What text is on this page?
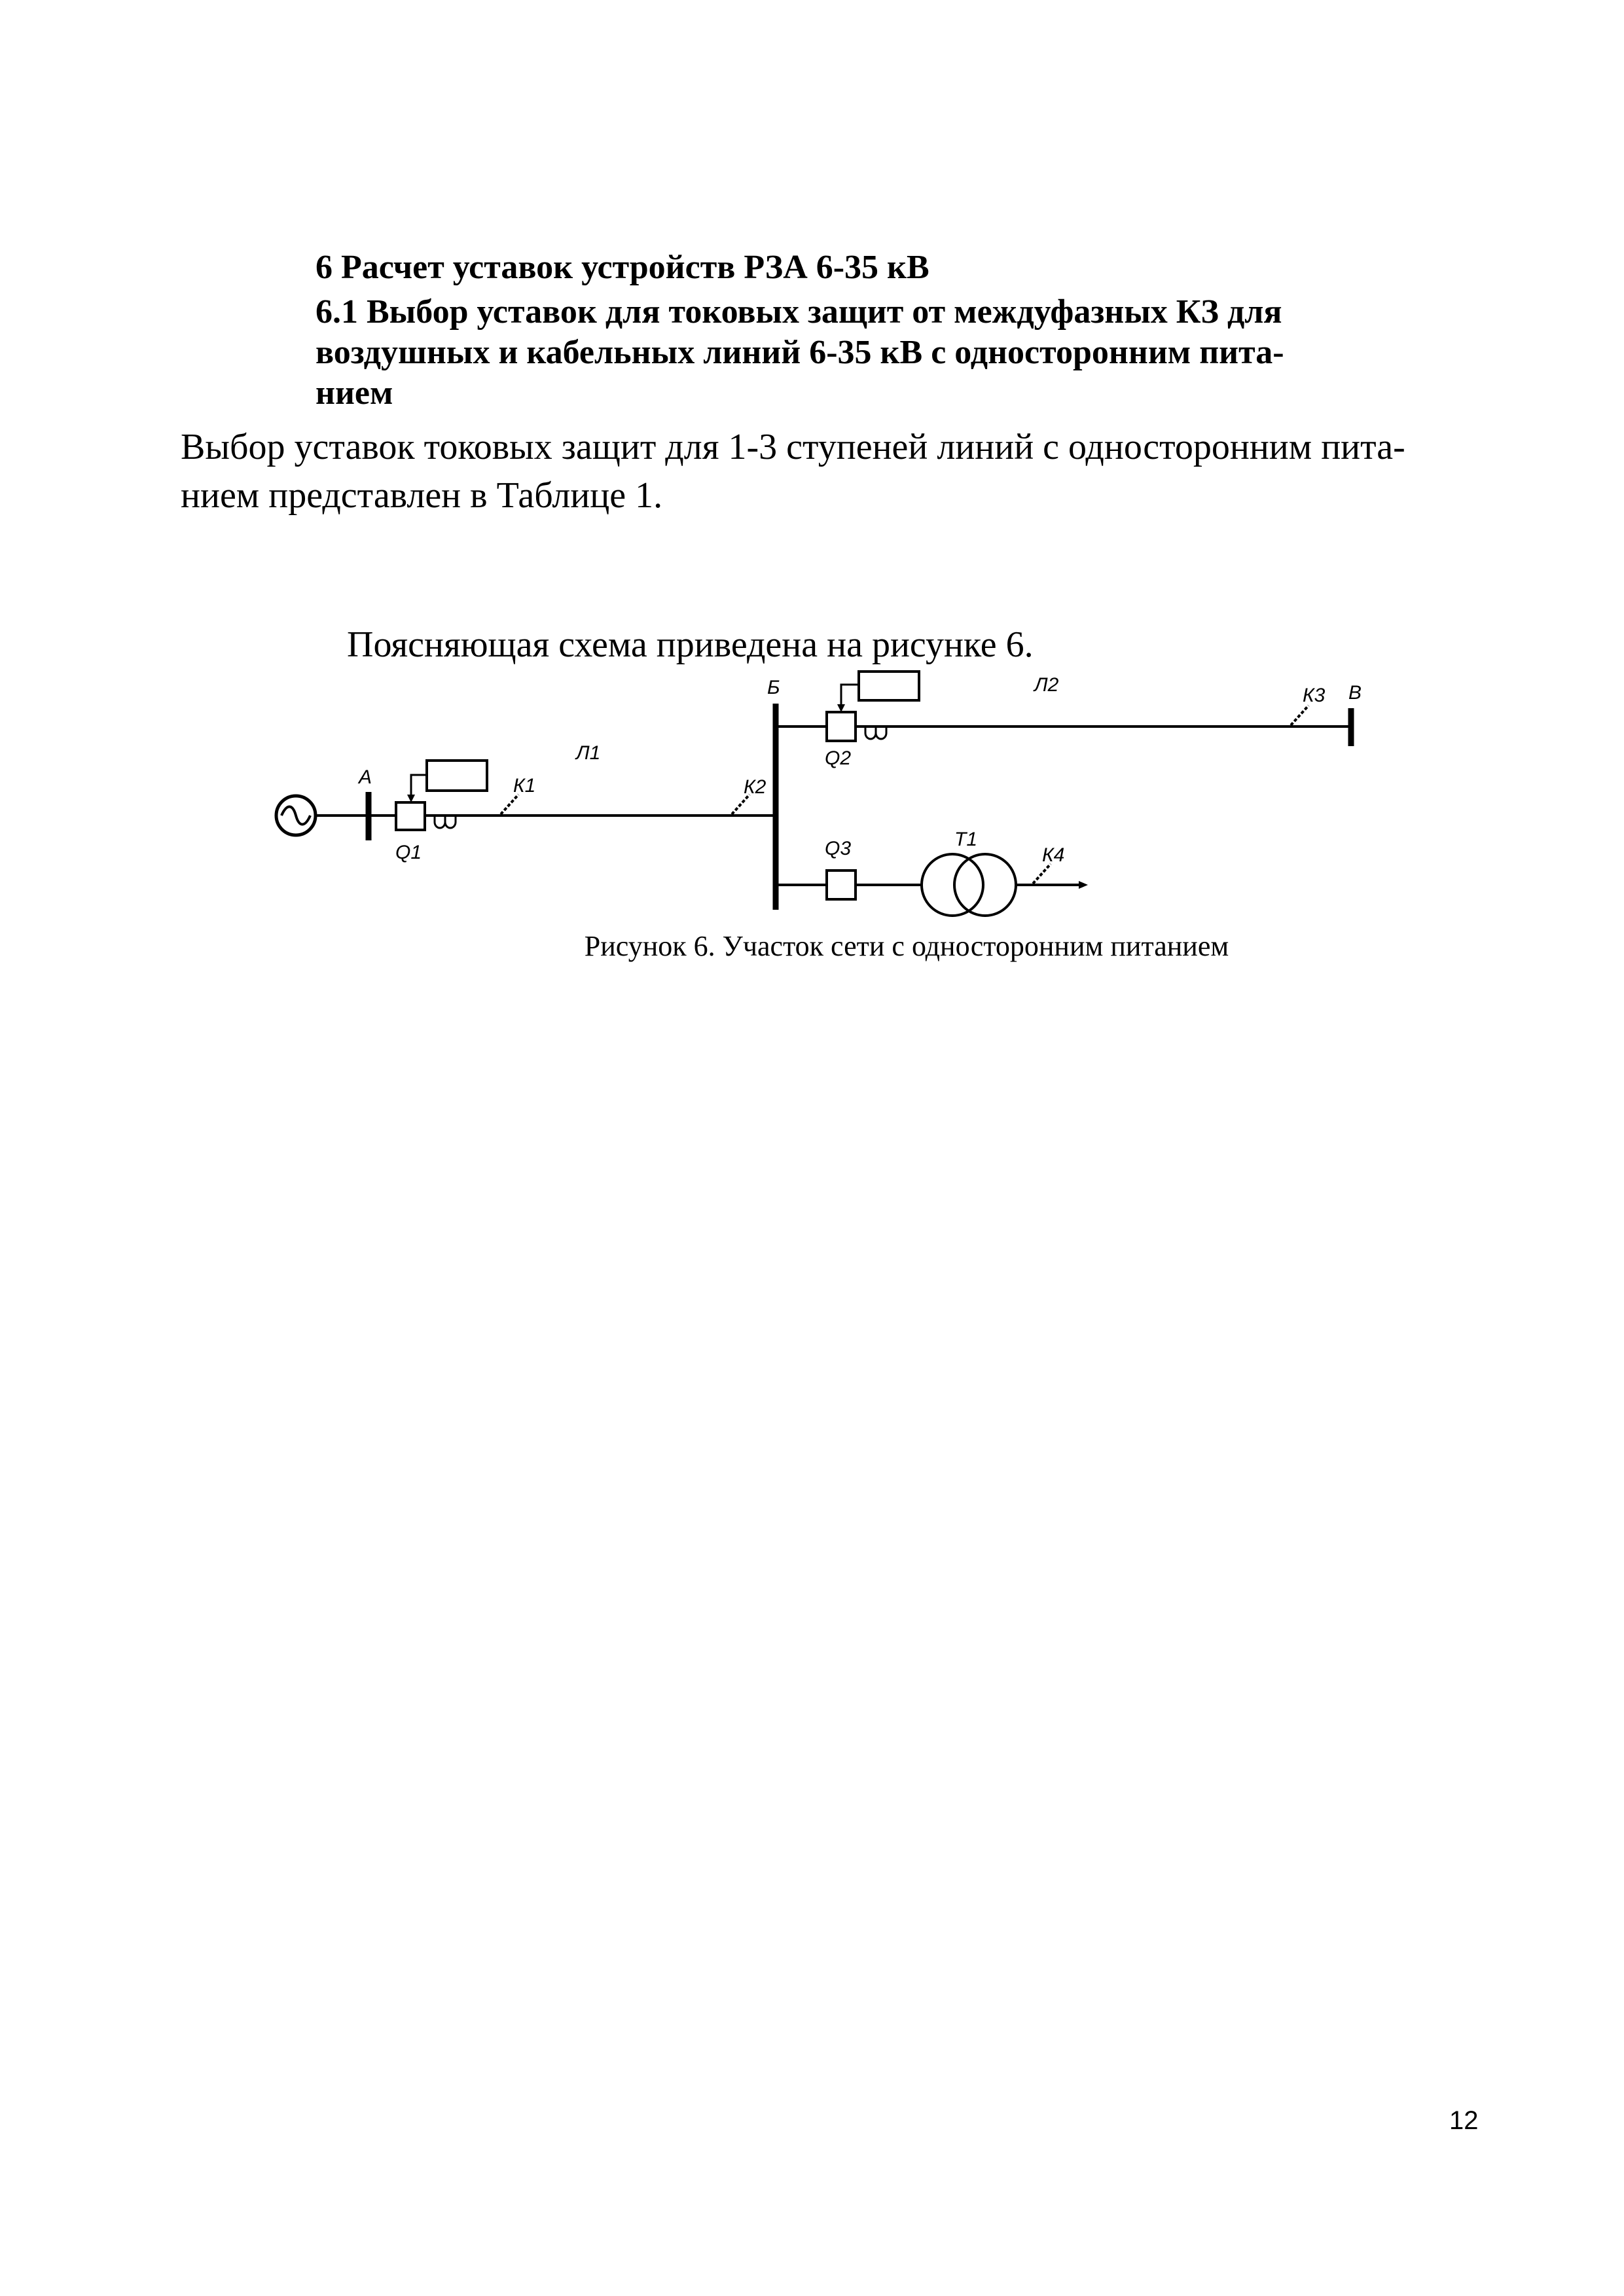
6 Расчет уставок устройств РЗА 6-35 кВ
6.1 Выбор уставок для токовых защит от междуфазных КЗ для
воздушных и кабельных линий 6-35 кВ с односторонним пита-
нием

Выбор уставок токовых защит для 1-3 ступеней линий с односторонним пита-
нием представлен в Таблице 1.

Поясняющая схема приведена на рисунке 6.

А
Б	В
Л1
Л2
Q1
Q2
Q3	T1
К1	К2
К3
К4

Рисунок 6. Участок сети с односторонним питанием

12
